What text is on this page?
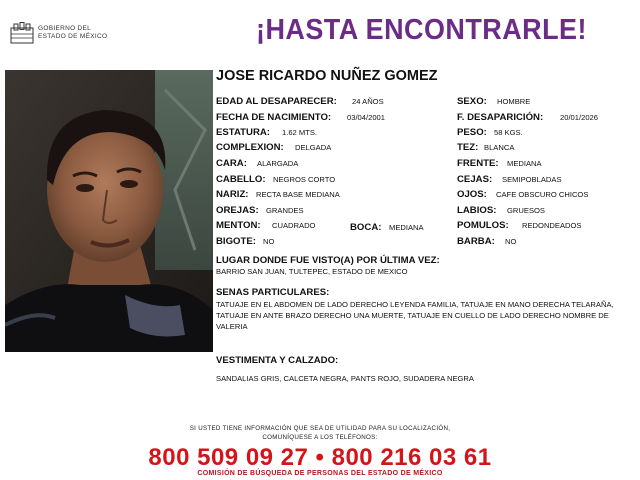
GOBIERNO DEL
ESTADO DE MÉXICO	¡HASTA ENCONTRARLE!
JOSE RICARDO NUÑEZ GOMEZ
EDAD AL DESAPARECER: 24 AÑOS
FECHA DE NACIMIENTO: 03/04/2001
ESTATURA: 1.62 MTS.
COMPLEXION: DELGADA
CARA: ALARGADA
CABELLO: NEGROS CORTO
NARIZ: RECTA BASE MEDIANA
OREJAS: GRANDES
MENTON: CUADRADO	BOCA: MEDIANA
BIGOTE: NO
SEXO: HOMBRE
F. DESAPARICIÓN: 20/01/2026
PESO: 58 KGS.
TEZ: BLANCA
FRENTE: MEDIANA
CEJAS: SEMIPOBLADAS
OJOS: CAFE OBSCURO CHICOS
LABIOS: GRUESOS
POMULOS: REDONDEADOS
BARBA: NO
LUGAR DONDE FUE VISTO(A) POR ÚLTIMA VEZ:
BARRIO SAN JUAN, TULTEPEC, ESTADO DE MEXICO
SENAS PARTICULARES:
TATUAJE EN EL ABDOMEN DE LADO DERECHO LEYENDA FAMILIA, TATUAJE EN MANO DERECHA TELARAÑA, TATUAJE EN ANTE BRAZO DERECHO UNA MUERTE, TATUAJE EN CUELLO DE LADO DERECHO NOMBRE DE VALERIA
VESTIMENTA Y CALZADO:
SANDALIAS GRIS, CALCETA NEGRA, PANTS ROJO, SUDADERA NEGRA
SI USTED TIENE INFORMACIÓN QUE SEA DE UTILIDAD PARA SU LOCALIZACIÓN,
COMUNÍQUESE A LOS TELÉFONOS:
800 509 09 27 • 800 216 03 61
COMISIÓN DE BÚSQUEDA DE PERSONAS DEL ESTADO DE MÉXICO
